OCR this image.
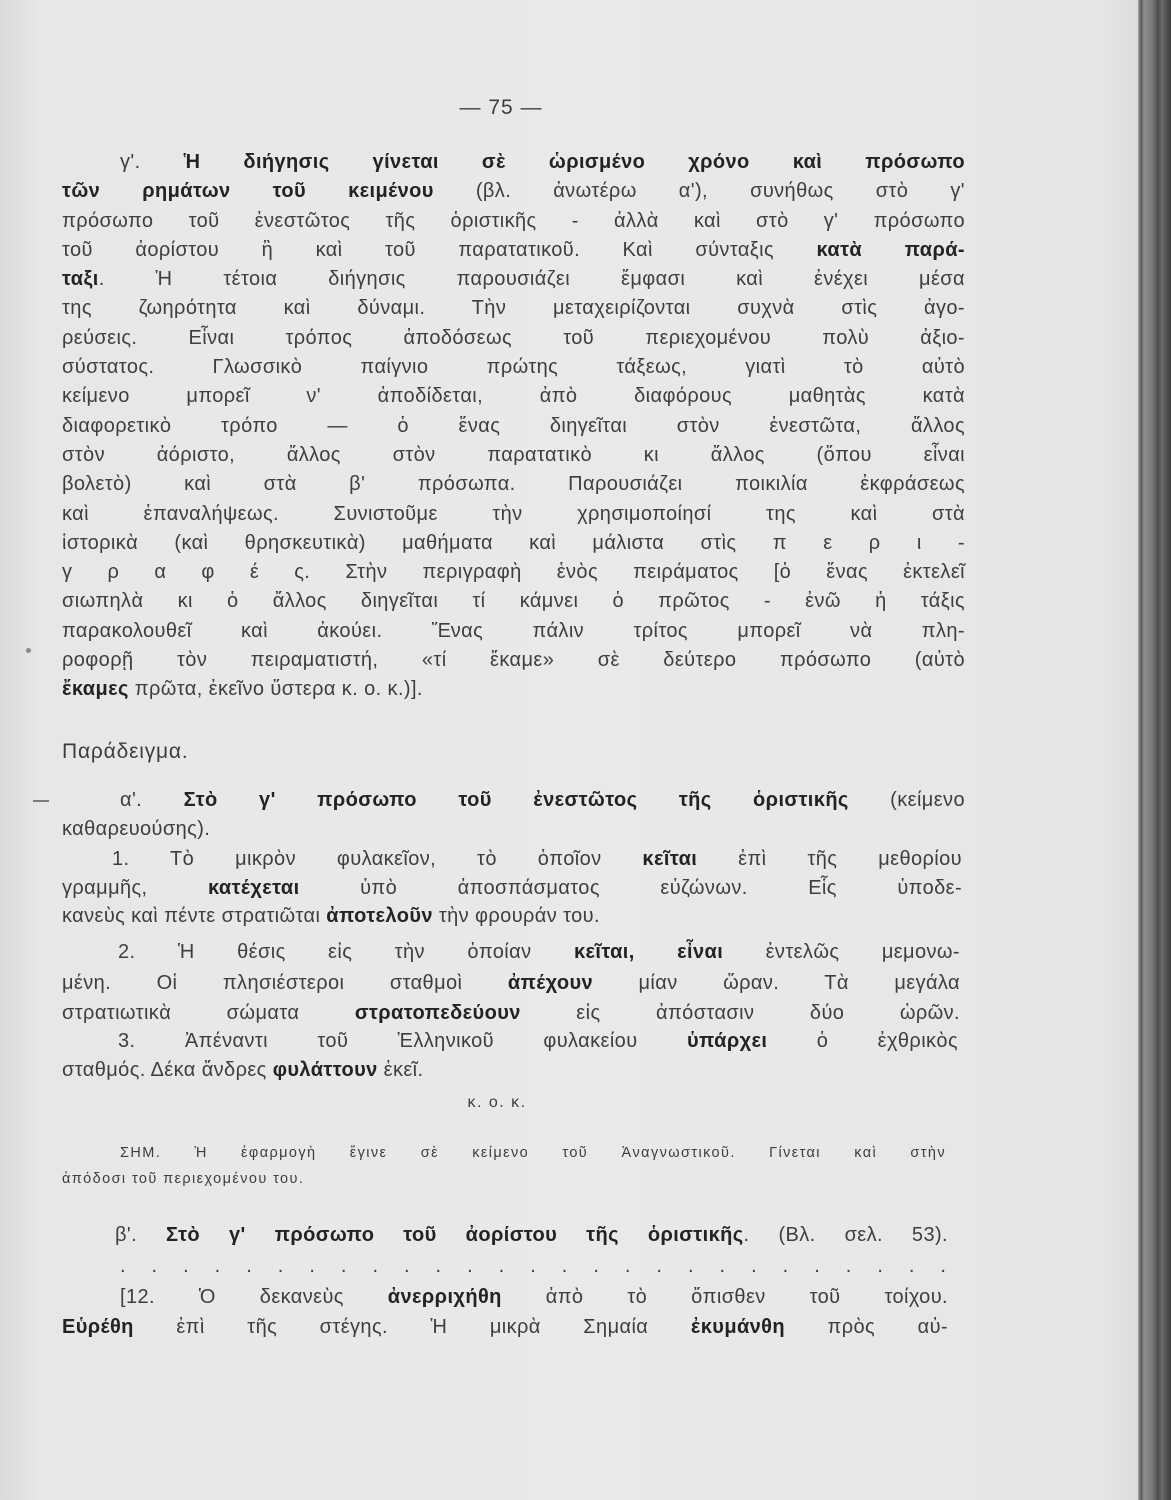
— 75 —
γ'. Ἡ διήγησις γίνεται σὲ ὡρισμένο χρόνο καὶ πρόσωπο
τῶν ρημάτων τοῦ κειμένου (βλ. ἀνωτέρω α'), συνήθως στὸ γ'
πρόσωπο τοῦ ἐνεστῶτος τῆς ὁριστικῆς - ἀλλὰ καὶ στὸ γ' πρόσωπο
τοῦ ἀορίστου ἢ καὶ τοῦ παρατατικοῦ. Καὶ σύνταξις κατὰ παρά-
ταξι. Ἡ τέτοια διήγησις παρουσιάζει ἔμφασι καὶ ἐνέχει μέσα
της ζωηρότητα καὶ δύναμι. Τὴν μεταχειρίζονται συχνὰ στὶς ἀγο-
ρεύσεις. Εἶναι τρόπος ἀποδόσεως τοῦ περιεχομένου πολὺ ἀξιο-
σύστατος. Γλωσσικὸ παίγνιο πρώτης τάξεως, γιατὶ τὸ αὐτὸ
κείμενο μπορεῖ ν' ἀποδίδεται, ἀπὸ διαφόρους μαθητὰς κατὰ
διαφορετικὸ τρόπο — ὁ ἕνας διηγεῖται στὸν ἐνεστῶτα, ἄλλος
στὸν ἀόριστο, ἄλλος στὸν παρατατικὸ κι ἄλλος (ὅπου εἶναι
βολετὸ) καὶ στὰ β' πρόσωπα. Παρουσιάζει ποικιλία ἐκφράσεως
καὶ ἐπαναλήψεως. Συνιστοῦμε τὴν χρησιμοποίησί της καὶ στὰ
ἱστορικὰ (καὶ θρησκευτικὰ) μαθήματα καὶ μάλιστα στὶς π ε ρ ι -
γ ρ α φ έ ς. Στὴν περιγραφὴ ἑνὸς πειράματος [ὁ ἕνας ἐκτελεῖ
σιωπηλὰ κι ὁ ἄλλος διηγεῖται τί κάμνει ὁ πρῶτος - ἐνῶ ἡ τάξις
παρακολουθεῖ καὶ ἀκούει. Ἕνας πάλιν τρίτος μπορεῖ νὰ πλη-
ροφορῇ τὸν πειραματιστή, «τί ἔκαμε» σὲ δεύτερο πρόσωπο (αὐτὸ
ἔκαμες πρῶτα, ἐκεῖνο ὕστερα κ. ο. κ.)].
Παράδειγμα.
α'. Στὸ γ' πρόσωπο τοῦ ἐνεστῶτος τῆς ὁριστικῆς (κείμενο
καθαρευούσης).
1. Τὸ μικρὸν φυλακεῖον, τὸ ὁποῖον κεῖται ἐπὶ τῆς μεθορίου
γραμμῆς, κατέχεται ὑπὸ ἀποσπάσματος εὐζώνων. Εἷς ὑποδε-
κανεὺς καὶ πέντε στρατιῶται ἀποτελοῦν τὴν φρουράν του.
2. Ἡ θέσις εἰς τὴν ὁποίαν κεῖται, εἶναι ἐντελῶς μεμονω-
μένη. Οἱ πλησιέστεροι σταθμοὶ ἀπέχουν μίαν ὥραν. Τὰ μεγάλα
στρατιωτικὰ σώματα στρατοπεδεύουν εἰς ἀπόστασιν δύο ὡρῶν.
3. Ἀπέναντι τοῦ Ἑλληνικοῦ φυλακείου ὑπάρχει ὁ ἐχθρικὸς
σταθμός. Δέκα ἄνδρες φυλάττουν ἐκεῖ.
κ. ο. κ.
ΣΗΜ. Ἡ ἐφαρμογὴ ἔγινε σὲ κείμενο τοῦ Ἀναγνωστικοῦ. Γίνεται καὶ στὴν
ἀπόδοσι τοῦ περιεχομένου του.
β'. Στὸ γ' πρόσωπο τοῦ ἀορίστου τῆς ὁριστικῆς. (Βλ. σελ. 53).
. . . . . . . . . . . . . . . . . . . . . . . . . . .
[12. Ὁ δεκανεὺς ἀνερριχήθη ἀπὸ τὸ ὄπισθεν τοῦ τοίχου.
Εὑρέθη ἐπὶ τῆς στέγης. Ἡ μικρὰ Σημαία ἐκυμάνθη πρὸς αὐ-
